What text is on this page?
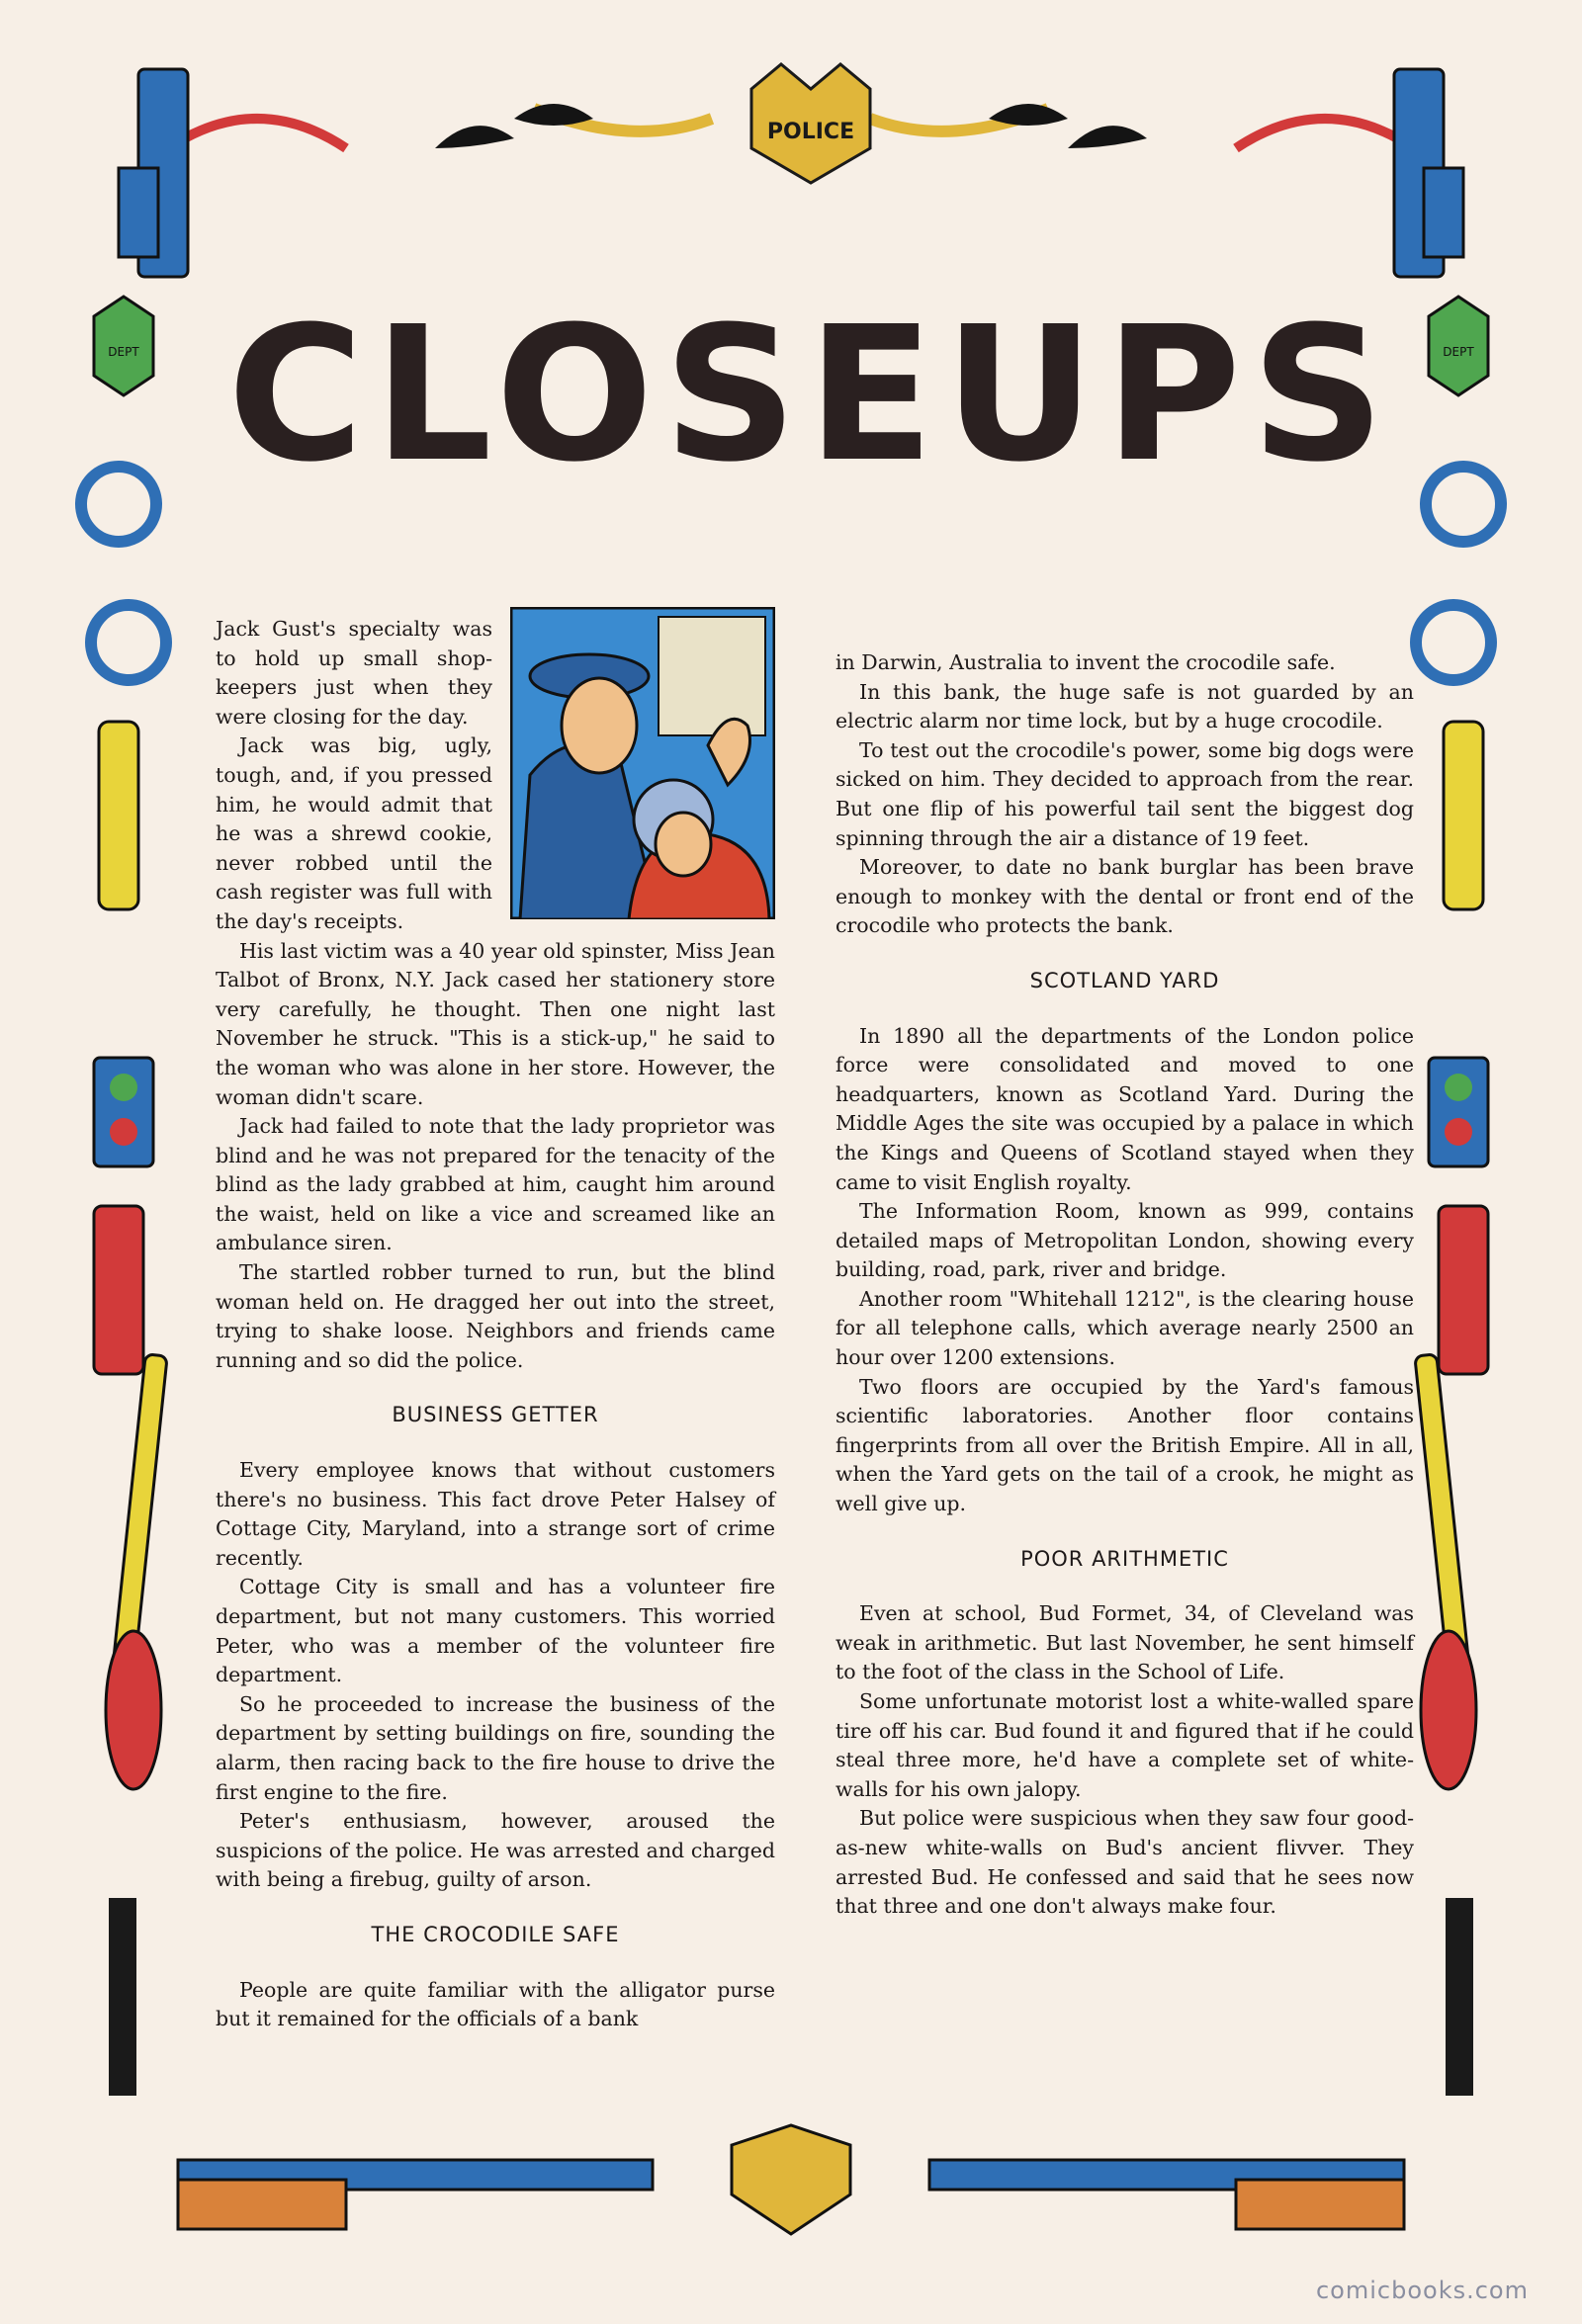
POLICE
DEPT	DEPT
CLOSEUPS

Jack Gust's specialty was to hold up small shop-keepers just when they were closing for the day.

Jack was big, ugly, tough, and, if you pressed him, he would admit that he was a shrewd cookie, never robbed until the cash register was full with the day's receipts.

His last victim was a 40 year old spinster, Miss Jean Talbot of Bronx, N.Y. Jack cased her stationery store very carefully, he thought. Then one night last November he struck. "This is a stick-up," he said to the woman who was alone in her store. However, the woman didn't scare.

Jack had failed to note that the lady proprietor was blind and he was not prepared for the tenacity of the blind as the lady grabbed at him, caught him around the waist, held on like a vice and screamed like an ambulance siren.

The startled robber turned to run, but the blind woman held on. He dragged her out into the street, trying to shake loose. Neighbors and friends came running and so did the police.

BUSINESS GETTER

Every employee knows that without customers there's no business. This fact drove Peter Halsey of Cottage City, Maryland, into a strange sort of crime recently.

Cottage City is small and has a volunteer fire department, but not many customers. This worried Peter, who was a member of the volunteer fire department.

So he proceeded to increase the business of the department by setting buildings on fire, sounding the alarm, then racing back to the fire house to drive the first engine to the fire.

Peter's enthusiasm, however, aroused the suspicions of the police. He was arrested and charged with being a firebug, guilty of arson.

THE CROCODILE SAFE

People are quite familiar with the alligator purse but it remained for the officials of a bank

in Darwin, Australia to invent the crocodile safe.

In this bank, the huge safe is not guarded by an electric alarm nor time lock, but by a huge crocodile.

To test out the crocodile's power, some big dogs were sicked on him. They decided to approach from the rear. But one flip of his powerful tail sent the biggest dog spinning through the air a distance of 19 feet.

Moreover, to date no bank burglar has been brave enough to monkey with the dental or front end of the crocodile who protects the bank.

SCOTLAND YARD

In 1890 all the departments of the London police force were consolidated and moved to one headquarters, known as Scotland Yard. During the Middle Ages the site was occupied by a palace in which the Kings and Queens of Scotland stayed when they came to visit English royalty.

The Information Room, known as 999, contains detailed maps of Metropolitan London, showing every building, road, park, river and bridge.

Another room "Whitehall 1212", is the clearing house for all telephone calls, which average nearly 2500 an hour over 1200 extensions.

Two floors are occupied by the Yard's famous scientific laboratories. Another floor contains fingerprints from all over the British Empire. All in all, when the Yard gets on the tail of a crook, he might as well give up.

POOR ARITHMETIC

Even at school, Bud Formet, 34, of Cleveland was weak in arithmetic. But last November, he sent himself to the foot of the class in the School of Life.

Some unfortunate motorist lost a white-walled spare tire off his car. Bud found it and figured that if he could steal three more, he'd have a complete set of white-walls for his own jalopy.

But police were suspicious when they saw four good-as-new white-walls on Bud's ancient flivver. They arrested Bud. He confessed and said that he sees now that three and one don't always make four.

comicbooks.com
